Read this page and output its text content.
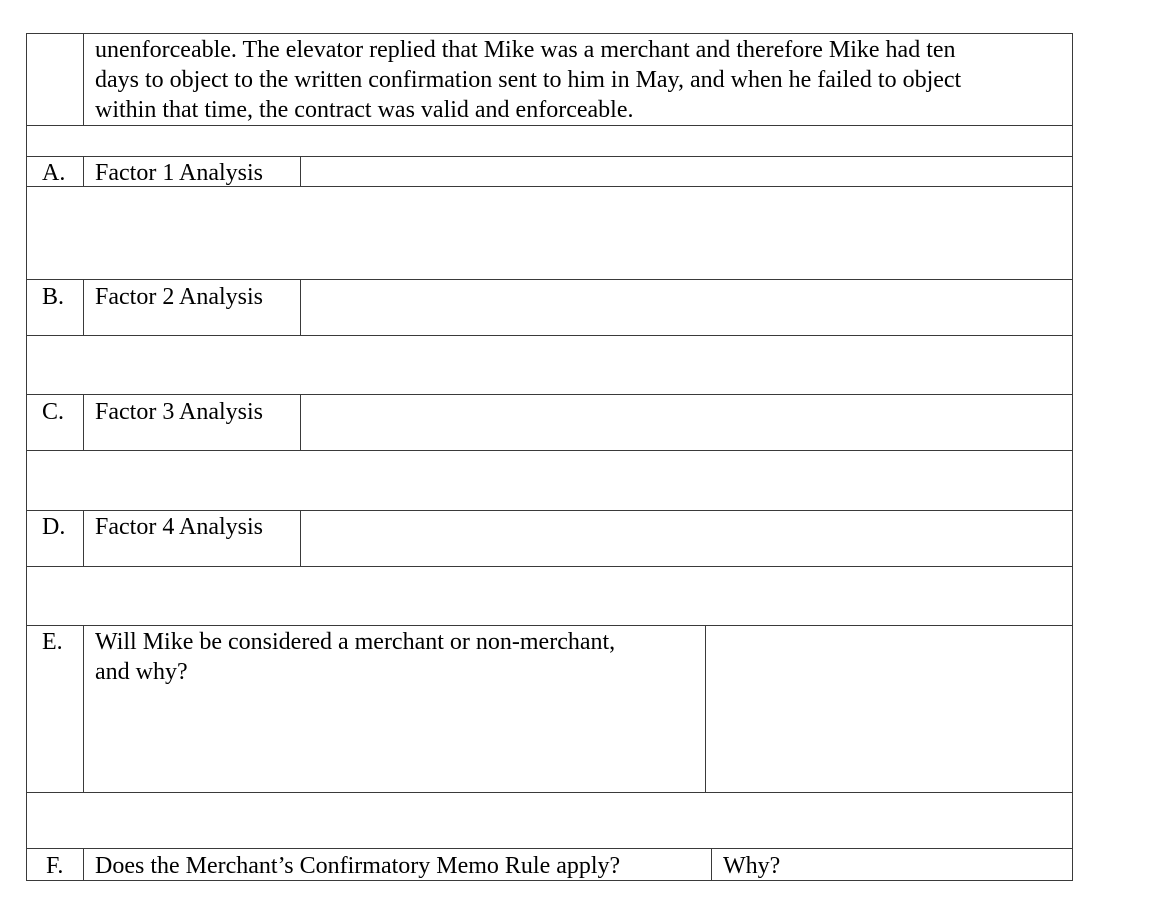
unenforceable. The elevator replied that Mike was a merchant and therefore Mike had ten
days to object to the written confirmation sent to him in May, and when he failed to object
within that time, the contract was valid and enforceable.
A. Factor 1 Analysis
B. Factor 2 Analysis
C. Factor 3 Analysis
D. Factor 4 Analysis
E. Will Mike be considered a merchant or non-merchant,
and why?
F. Does the Merchant’s Confirmatory Memo Rule apply?	Why?
